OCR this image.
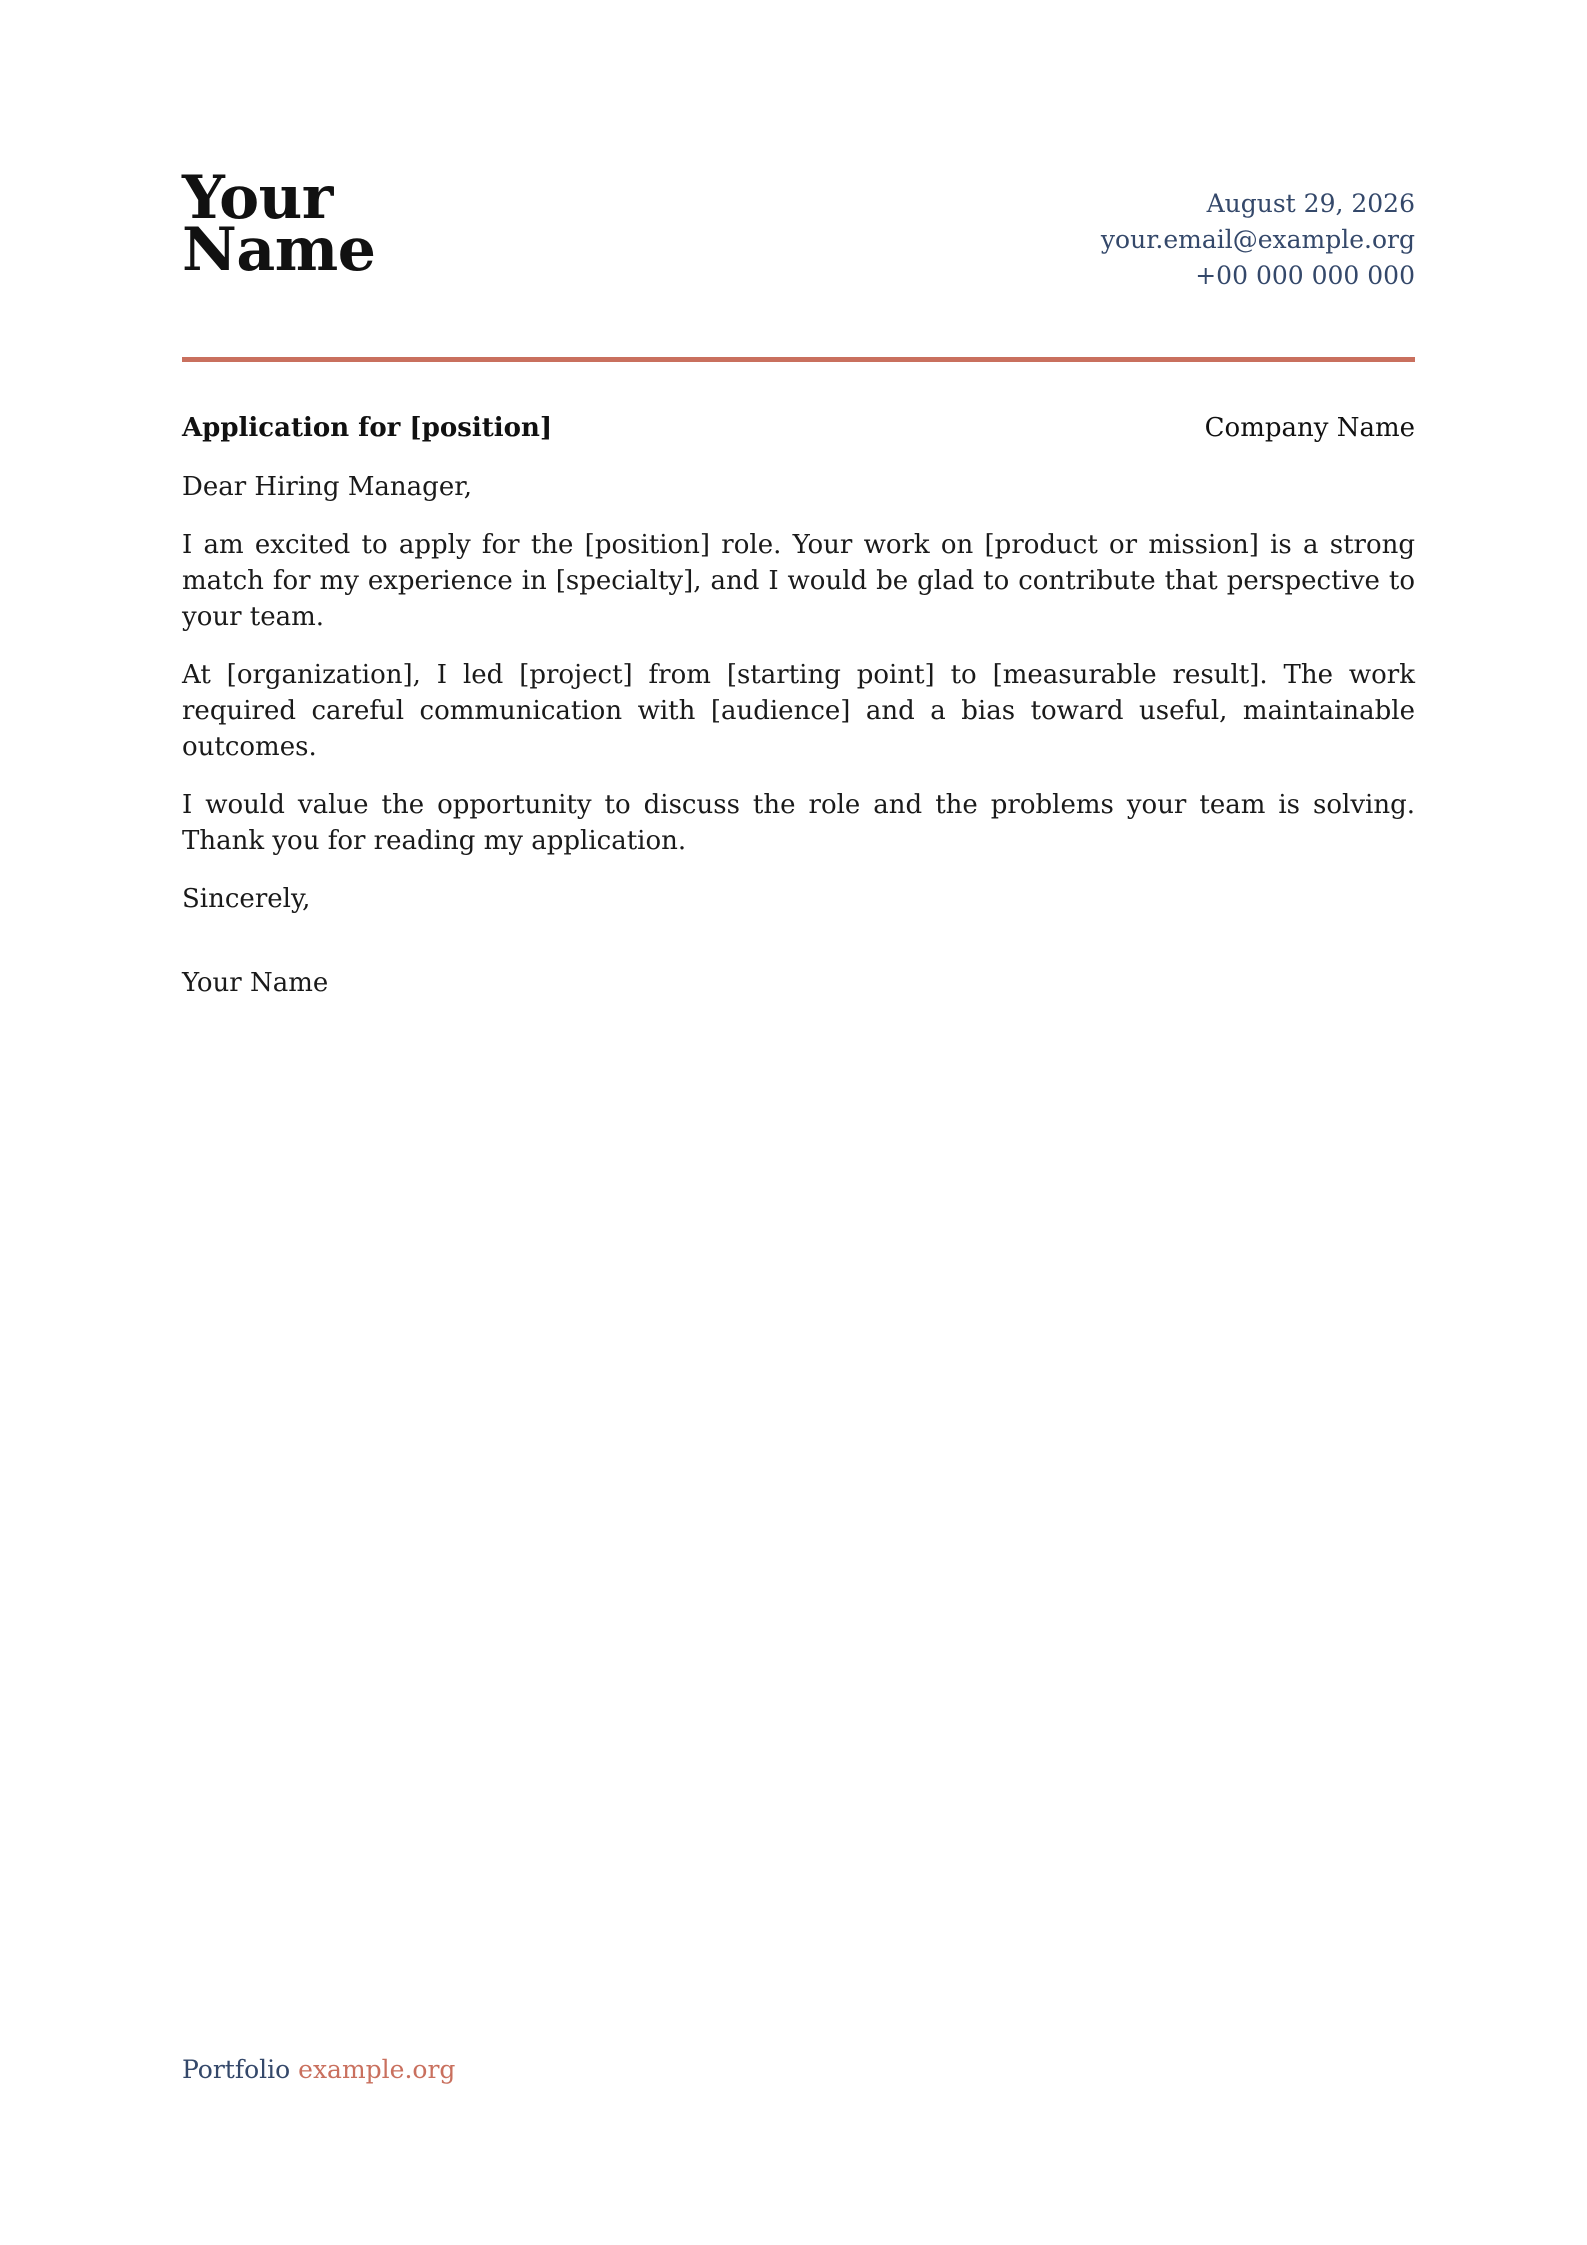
Your
Name
August 29, 2026
your.email@example.org
+00 000 000 000
Application for [position]	Company Name

Dear Hiring Manager,

I am excited to apply for the [position] role. Your work on [product or mission] is a strong match for my experience in [specialty], and I would be glad to contribute that perspective to your team.

At [organization], I led [project] from [starting point] to [measurable result]. The work required careful communication with [audience] and a bias toward useful, maintainable outcomes.

I would value the opportunity to discuss the role and the problems your team is solving. Thank you for reading my application.

Sincerely,

Your Name

Portfolio example.org
